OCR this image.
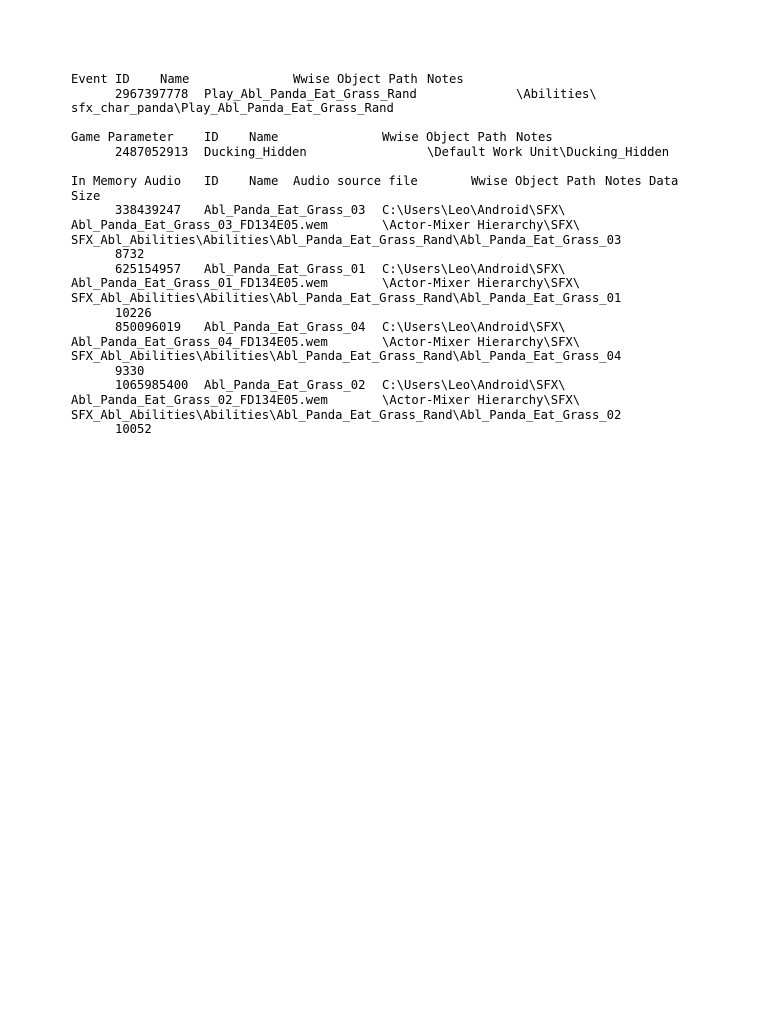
Event ID Name	Wwise Object Path Notes
2967397778 Play_Abl_Panda_Eat_Grass_Rand	\Abilities\
sfx_char_panda\Play_Abl_Panda_Eat_Grass_Rand
Game Parameter ID Name	Wwise Object Path Notes
2487052913 Ducking_Hidden	\Default Work Unit\Ducking_Hidden
In Memory Audio ID Name Audio source file	Wwise Object Path Notes Data
Size
338439247 Abl_Panda_Eat_Grass_03 C:\Users\Leo\Android\SFX\
Abl_Panda_Eat_Grass_03_FD134E05.wem	\Actor-Mixer Hierarchy\SFX\
SFX_Abl_Abilities\Abilities\Abl_Panda_Eat_Grass_Rand\Abl_Panda_Eat_Grass_03
8732
625154957 Abl_Panda_Eat_Grass_01 C:\Users\Leo\Android\SFX\
Abl_Panda_Eat_Grass_01_FD134E05.wem	\Actor-Mixer Hierarchy\SFX\
SFX_Abl_Abilities\Abilities\Abl_Panda_Eat_Grass_Rand\Abl_Panda_Eat_Grass_01
10226
850096019 Abl_Panda_Eat_Grass_04 C:\Users\Leo\Android\SFX\
Abl_Panda_Eat_Grass_04_FD134E05.wem	\Actor-Mixer Hierarchy\SFX\
SFX_Abl_Abilities\Abilities\Abl_Panda_Eat_Grass_Rand\Abl_Panda_Eat_Grass_04
9330
1065985400 Abl_Panda_Eat_Grass_02 C:\Users\Leo\Android\SFX\
Abl_Panda_Eat_Grass_02_FD134E05.wem	\Actor-Mixer Hierarchy\SFX\
SFX_Abl_Abilities\Abilities\Abl_Panda_Eat_Grass_Rand\Abl_Panda_Eat_Grass_02
10052
